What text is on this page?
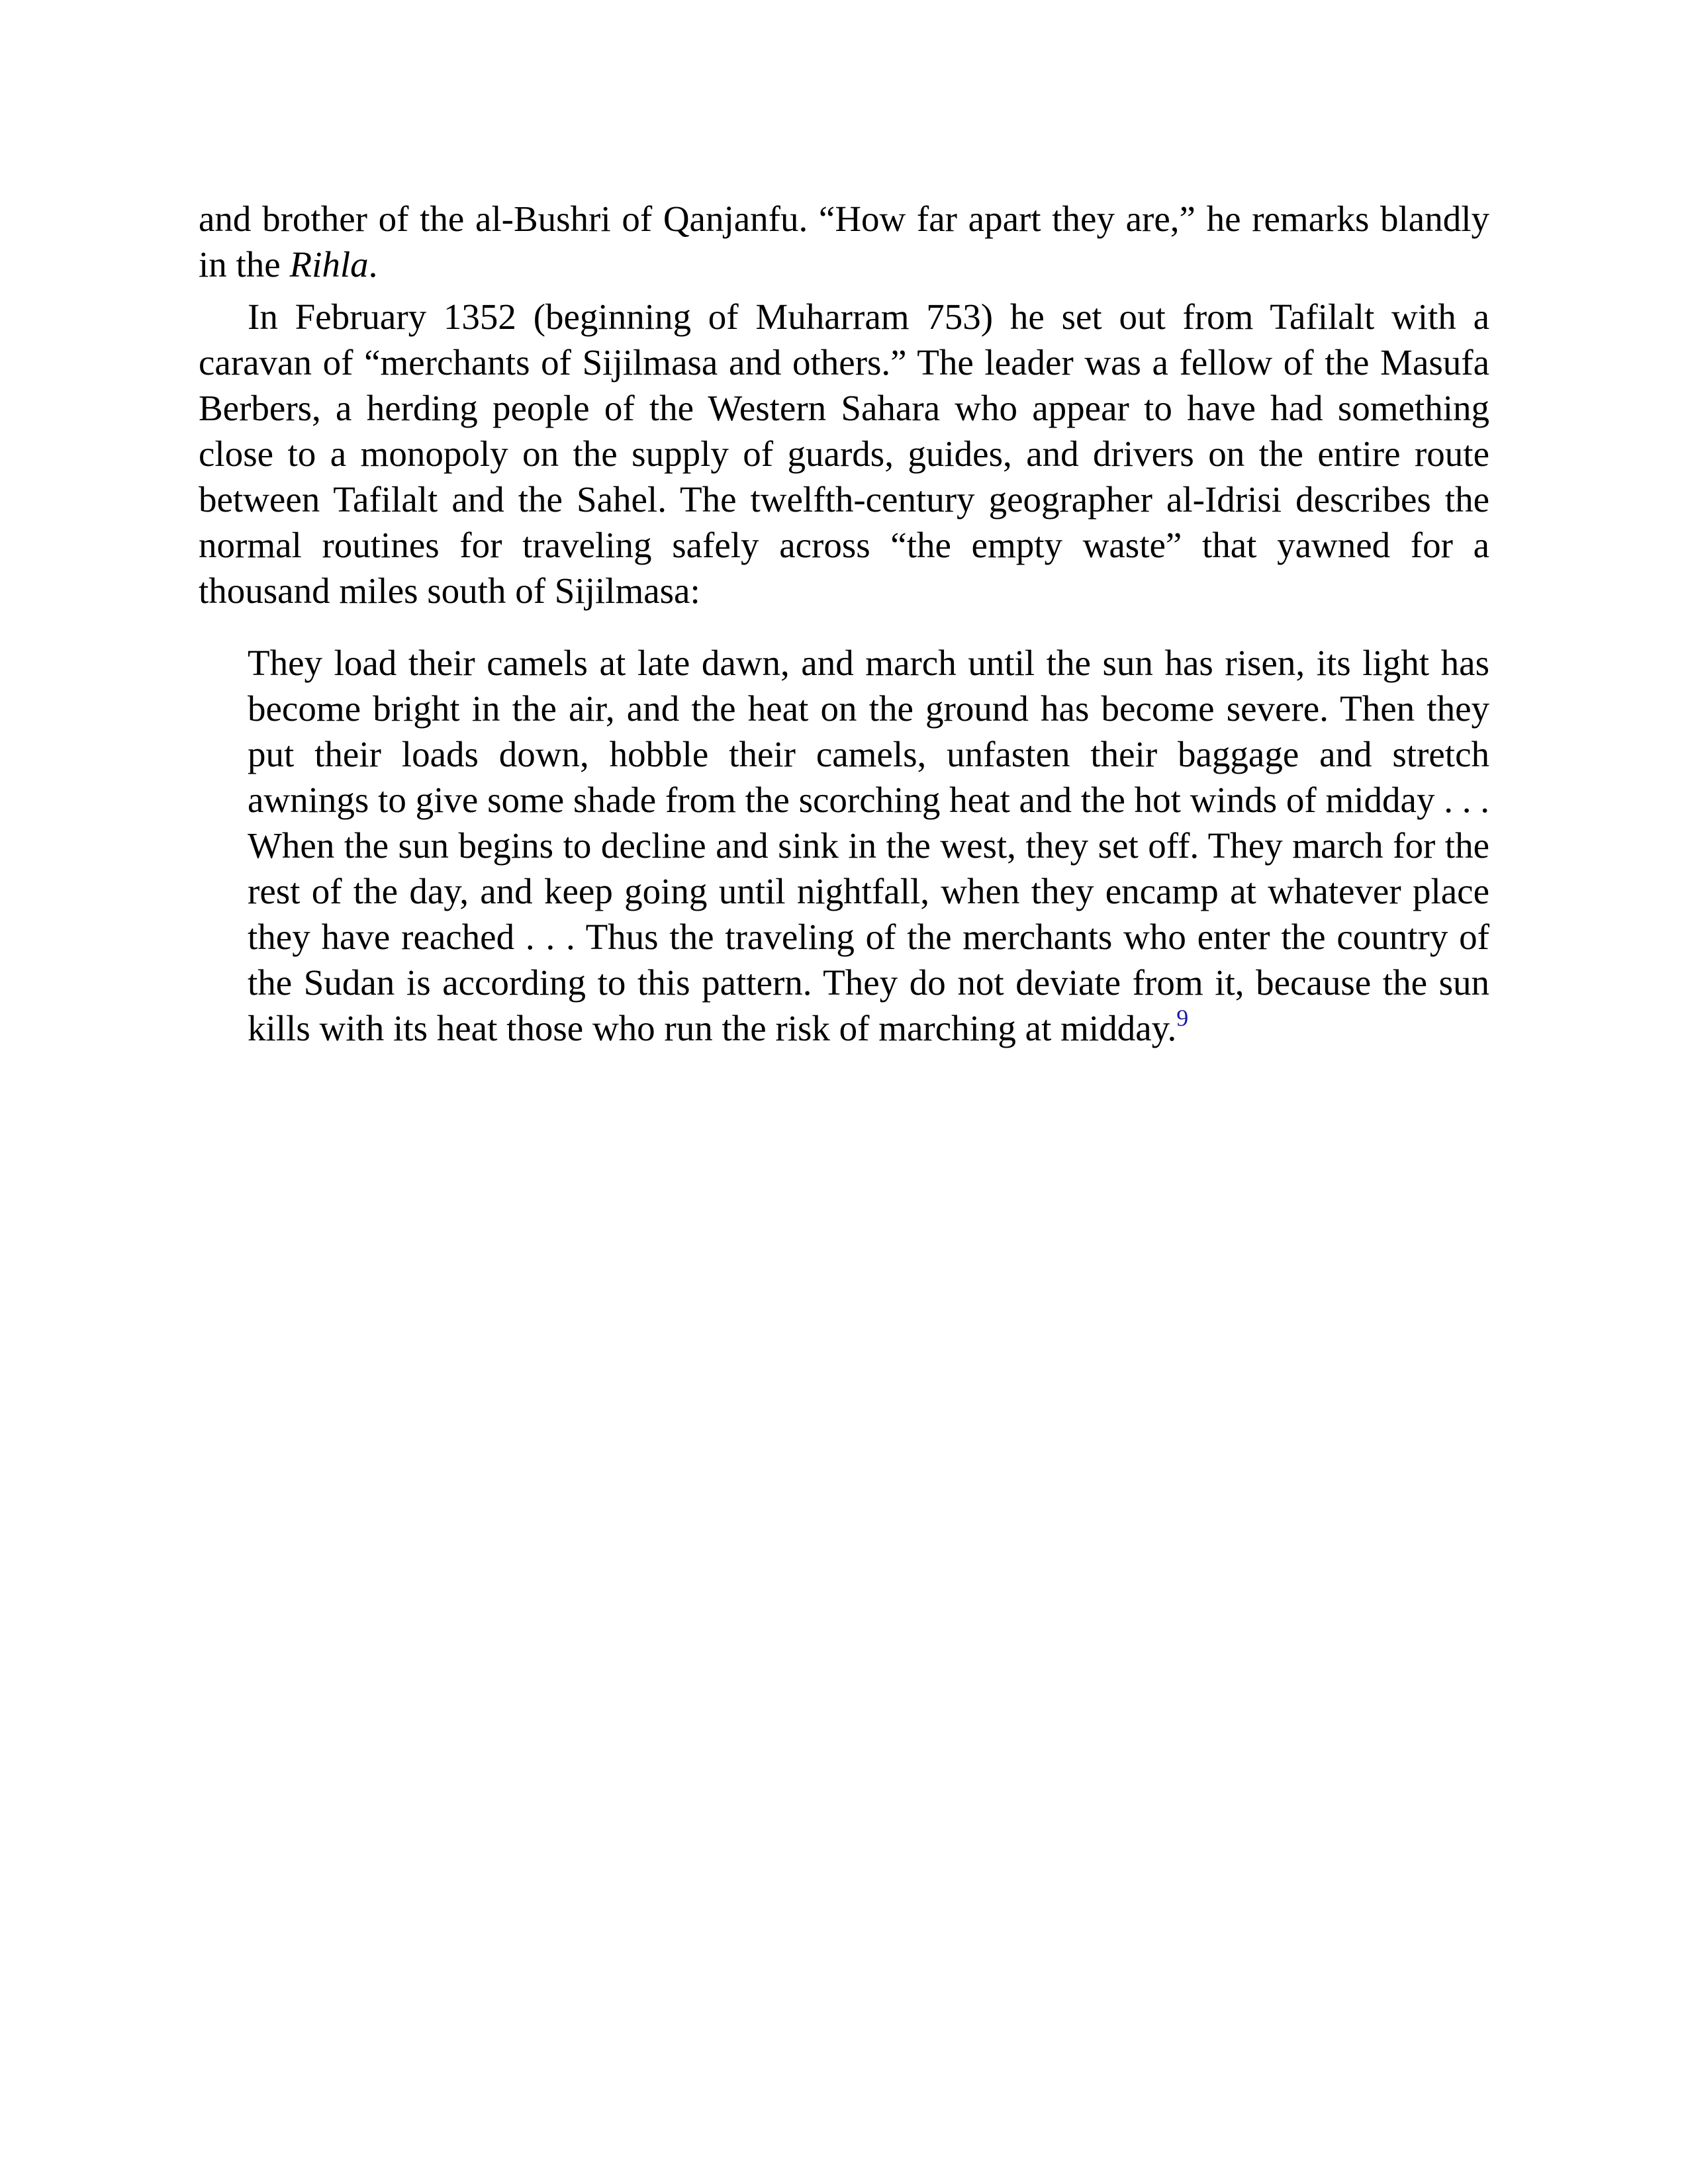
and brother of the al-Bushri of Qanjanfu. “How far apart they are,” he remarks blandly in the Rihla.

In February 1352 (beginning of Muharram 753) he set out from Tafilalt with a caravan of “merchants of Sijilmasa and others.” The leader was a fellow of the Masufa Berbers, a herding people of the Western Sahara who appear to have had something close to a monopoly on the supply of guards, guides, and drivers on the entire route between Tafilalt and the Sahel. The twelfth-century geographer al-Idrisi describes the normal routines for traveling safely across “the empty waste” that yawned for a thousand miles south of Sijilmasa:

They load their camels at late dawn, and march until the sun has risen, its light has become bright in the air, and the heat on the ground has become severe. Then they put their loads down, hobble their camels, unfasten their baggage and stretch awnings to give some shade from the scorching heat and the hot winds of midday . . . When the sun begins to decline and sink in the west, they set off. They march for the rest of the day, and keep going until nightfall, when they encamp at whatever place they have reached . . . Thus the traveling of the merchants who enter the country of the Sudan is according to this pattern. They do not deviate from it, because the sun kills with its heat those who run the risk of marching at midday.$^9$
